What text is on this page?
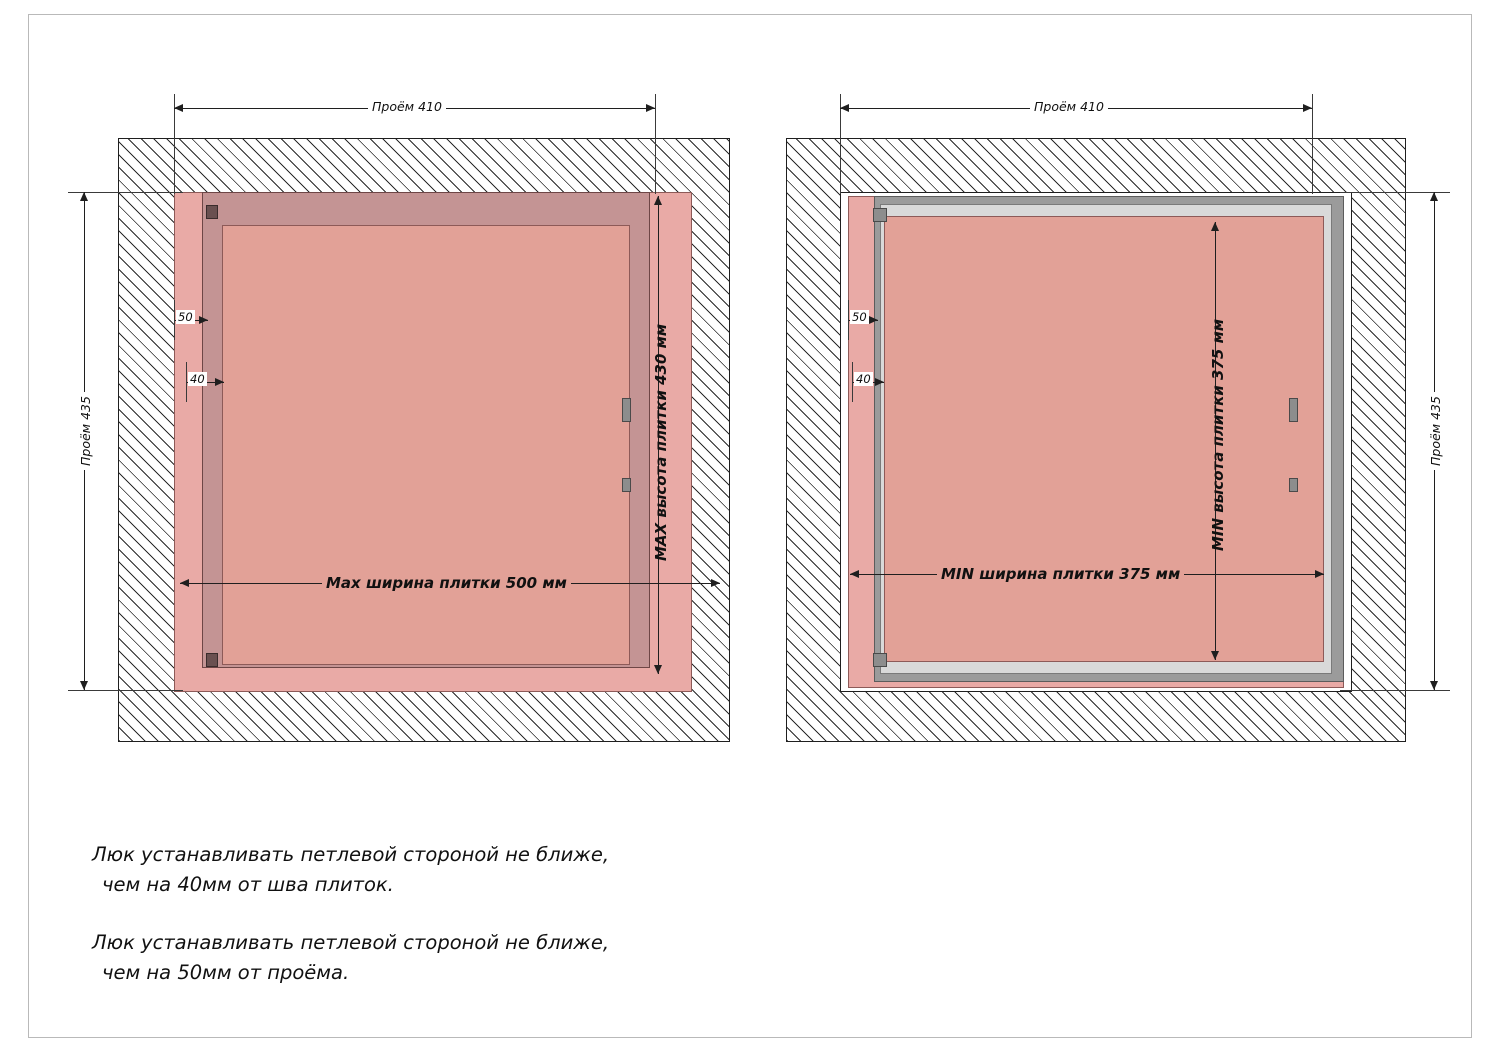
Проём 410
Проём 435
50
40
Мах ширина плитки 500 мм
MAX высота плитки 430 мм
Проём 410
Проём 435
50
40
MIN ширина плитки 375 мм
MIN высота плитки 375 мм
Люк устанавливать петлевой стороной не ближе,
чем на 40мм от шва плиток.
Люк устанавливать петлевой стороной не ближе,
чем на 50мм от проёма.
